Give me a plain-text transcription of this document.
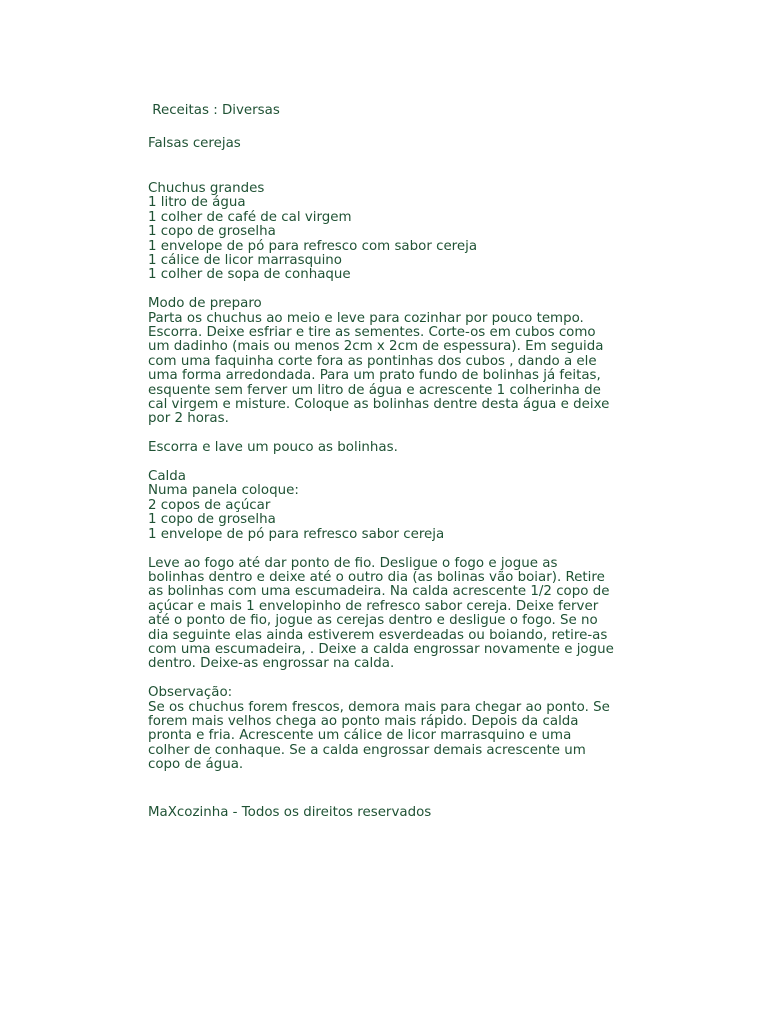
Receitas : Diversas
Falsas cerejas
Chuchus grandes
1 litro de água
1 colher de café de cal virgem
1 copo de groselha
1 envelope de pó para refresco com sabor cereja
1 cálice de licor marrasquino
1 colher de sopa de conhaque
Modo de preparo
Parta os chuchus ao meio e leve para cozinhar por pouco tempo.
Escorra. Deixe esfriar e tire as sementes. Corte-os em cubos como
um dadinho (mais ou menos 2cm x 2cm de espessura). Em seguida
com uma faquinha corte fora as pontinhas dos cubos , dando a ele
uma forma arredondada. Para um prato fundo de bolinhas já feitas,
esquente sem ferver um litro de água e acrescente 1 colherinha de
cal virgem e misture. Coloque as bolinhas dentre desta água e deixe
por 2 horas.
Escorra e lave um pouco as bolinhas.
Calda
Numa panela coloque:
2 copos de açúcar
1 copo de groselha
1 envelope de pó para refresco sabor cereja
Leve ao fogo até dar ponto de fio. Desligue o fogo e jogue as
bolinhas dentro e deixe até o outro dia (as bolinas vão boiar). Retire
as bolinhas com uma escumadeira. Na calda acrescente 1/2 copo de
açúcar e mais 1 envelopinho de refresco sabor cereja. Deixe ferver
até o ponto de fio, jogue as cerejas dentro e desligue o fogo. Se no
dia seguinte elas ainda estiverem esverdeadas ou boiando, retire-as
com uma escumadeira, . Deixe a calda engrossar novamente e jogue
dentro. Deixe-as engrossar na calda.
Observação:
Se os chuchus forem frescos, demora mais para chegar ao ponto. Se
forem mais velhos chega ao ponto mais rápido. Depois da calda
pronta e fria. Acrescente um cálice de licor marrasquino e uma
colher de conhaque. Se a calda engrossar demais acrescente um
copo de água.
MaXcozinha - Todos os direitos reservados
